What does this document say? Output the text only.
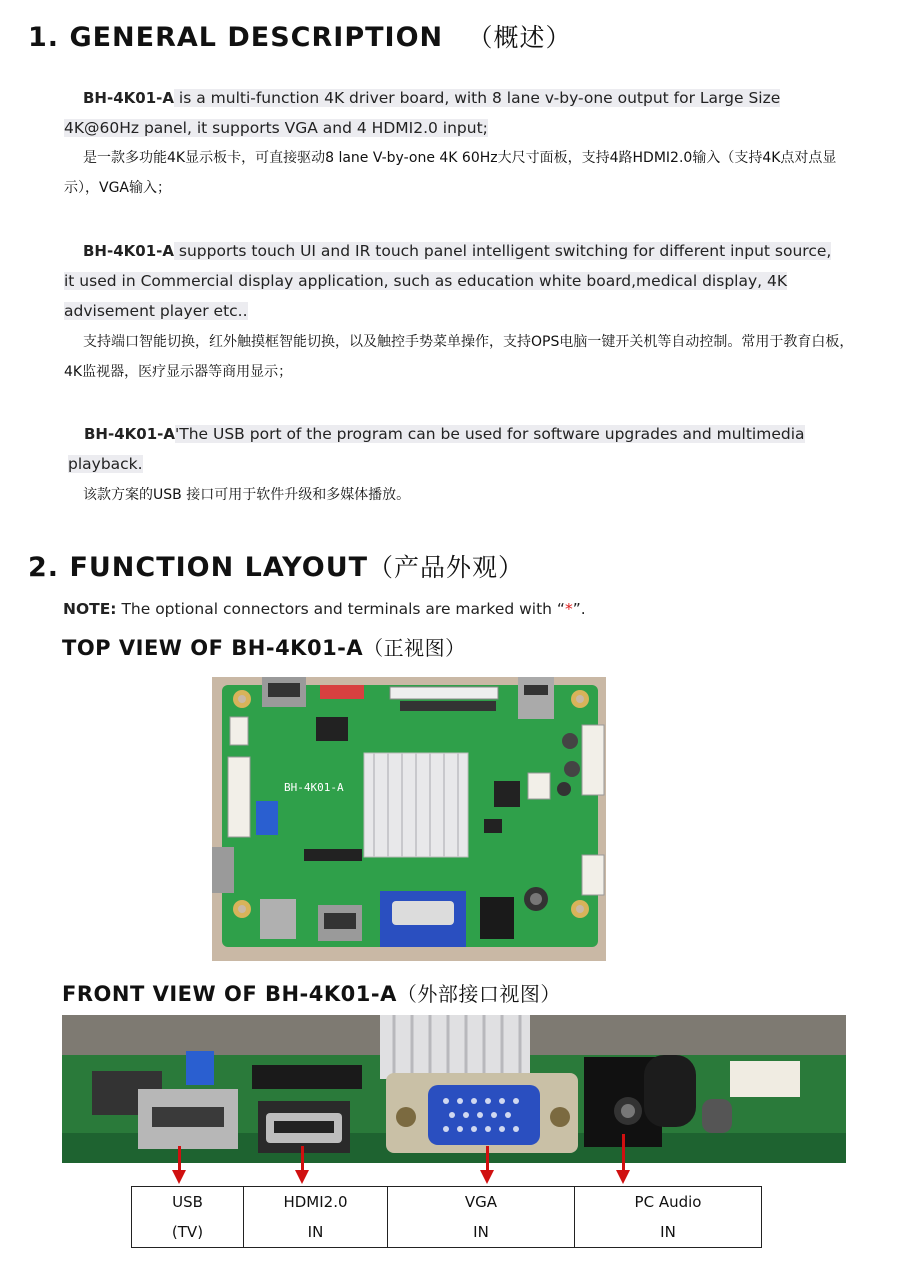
1. GENERAL DESCRIPTION （概述）
BH-4K01-A is a multi-function 4K driver board, with 8 lane v-by-one output for Large Size
4K@60Hz panel, it supports VGA and 4 HDMI2.0 input;
是一款多功能4K显示板卡，可直接驱动8 lane V-by-one 4K 60Hz大尺寸面板，支持4路HDMI2.0输入（支持4K点对点显示），VGA输入；
BH-4K01-A supports touch UI and IR touch panel intelligent switching for different input source,
it used in Commercial display application, such as education white board,medical display, 4K
advisement player etc..
支持端口智能切换，红外触摸框智能切换，以及触控手势菜单操作，支持OPS电脑一键开关机等自动控制。常用于教育白板，4K监视器，医疗显示器等商用显示；
BH-4K01-A'The USB port of the program can be used for software upgrades and multimedia
playback.
该款方案的USB 接口可用于软件升级和多媒体播放。
2. FUNCTION LAYOUT（产品外观）
NOTE: The optional connectors and terminals are marked with “*”.
TOP VIEW OF BH-4K01-A（正视图）
BH-4K01-A
FRONT VIEW OF BH-4K01-A（外部接口视图）
USB
(TV)

HDMI2.0
IN

VGA
IN

PC Audio
IN
